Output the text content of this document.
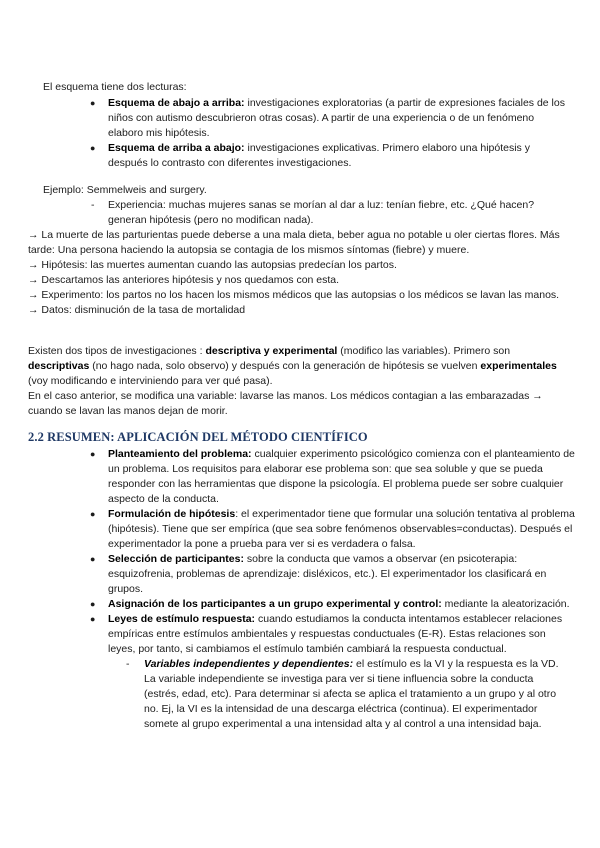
El esquema tiene dos lecturas:

● Esquema de abajo a arriba: investigaciones exploratorias (a partir de expresiones faciales de los niños con autismo descubrieron otras cosas). A partir de una experiencia o de un fenómeno elaboro mis hipótesis.
● Esquema de arriba a abajo: investigaciones explicativas. Primero elaboro una hipótesis y después lo contrasto con diferentes investigaciones.

Ejemplo: Semmelweis and surgery.

- Experiencia: muchas mujeres sanas se morían al dar a luz: tenían fiebre, etc. ¿Qué hacen? generan hipótesis (pero no modifican nada).

→ La muerte de las parturientas puede deberse a una mala dieta, beber agua no potable u oler ciertas flores. Más tarde: Una persona haciendo la autopsia se contagia de los mismos síntomas (fiebre) y muere.

→ Hipótesis: las muertes aumentan cuando las autopsias predecían los partos.

→ Descartamos las anteriores hipótesis y nos quedamos con esta.

→ Experimento: los partos no los hacen los mismos médicos que las autopsias o los médicos se lavan las manos.

→ Datos: disminución de la tasa de mortalidad

Existen dos tipos de investigaciones : descriptiva y experimental (modifico las variables). Primero son descriptivas (no hago nada, solo observo) y después con la generación de hipótesis se vuelven experimentales (voy modificando e interviniendo para ver qué pasa).

En el caso anterior, se modifica una variable: lavarse las manos. Los médicos contagian a las embarazadas → cuando se lavan las manos dejan de morir.

2.2 RESUMEN: APLICACIÓN DEL MÉTODO CIENTÍFICO
● Planteamiento del problema: cualquier experimento psicológico comienza con el planteamiento de un problema. Los requisitos para elaborar ese problema son: que sea soluble y que se pueda responder con las herramientas que dispone la psicología. El problema puede ser sobre cualquier aspecto de la conducta.
● Formulación de hipótesis: el experimentador tiene que formular una solución tentativa al problema (hipótesis). Tiene que ser empírica (que sea sobre fenómenos observables=conductas). Después el experimentador la pone a prueba para ver si es verdadera o falsa.
● Selección de participantes: sobre la conducta que vamos a observar (en psicoterapia: esquizofrenia, problemas de aprendizaje: disléxicos, etc.). El experimentador los clasificará en grupos.
● Asignación de los participantes a un grupo experimental y control: mediante la aleatorización.
● Leyes de estímulo respuesta: cuando estudiamos la conducta intentamos establecer relaciones empíricas entre estímulos ambientales y respuestas conductuales (E-R). Estas relaciones son leyes, por tanto, si cambiamos el estímulo también cambiará la respuesta conductual.
- Variables independientes y dependientes: el estímulo es la VI y la respuesta es la VD. La variable independiente se investiga para ver si tiene influencia sobre la conducta (estrés, edad, etc). Para determinar si afecta se aplica el tratamiento a un grupo y al otro no. Ej, la VI es la intensidad de una descarga eléctrica (continua). El experimentador somete al grupo experimental a una intensidad alta y al control a una intensidad baja.
